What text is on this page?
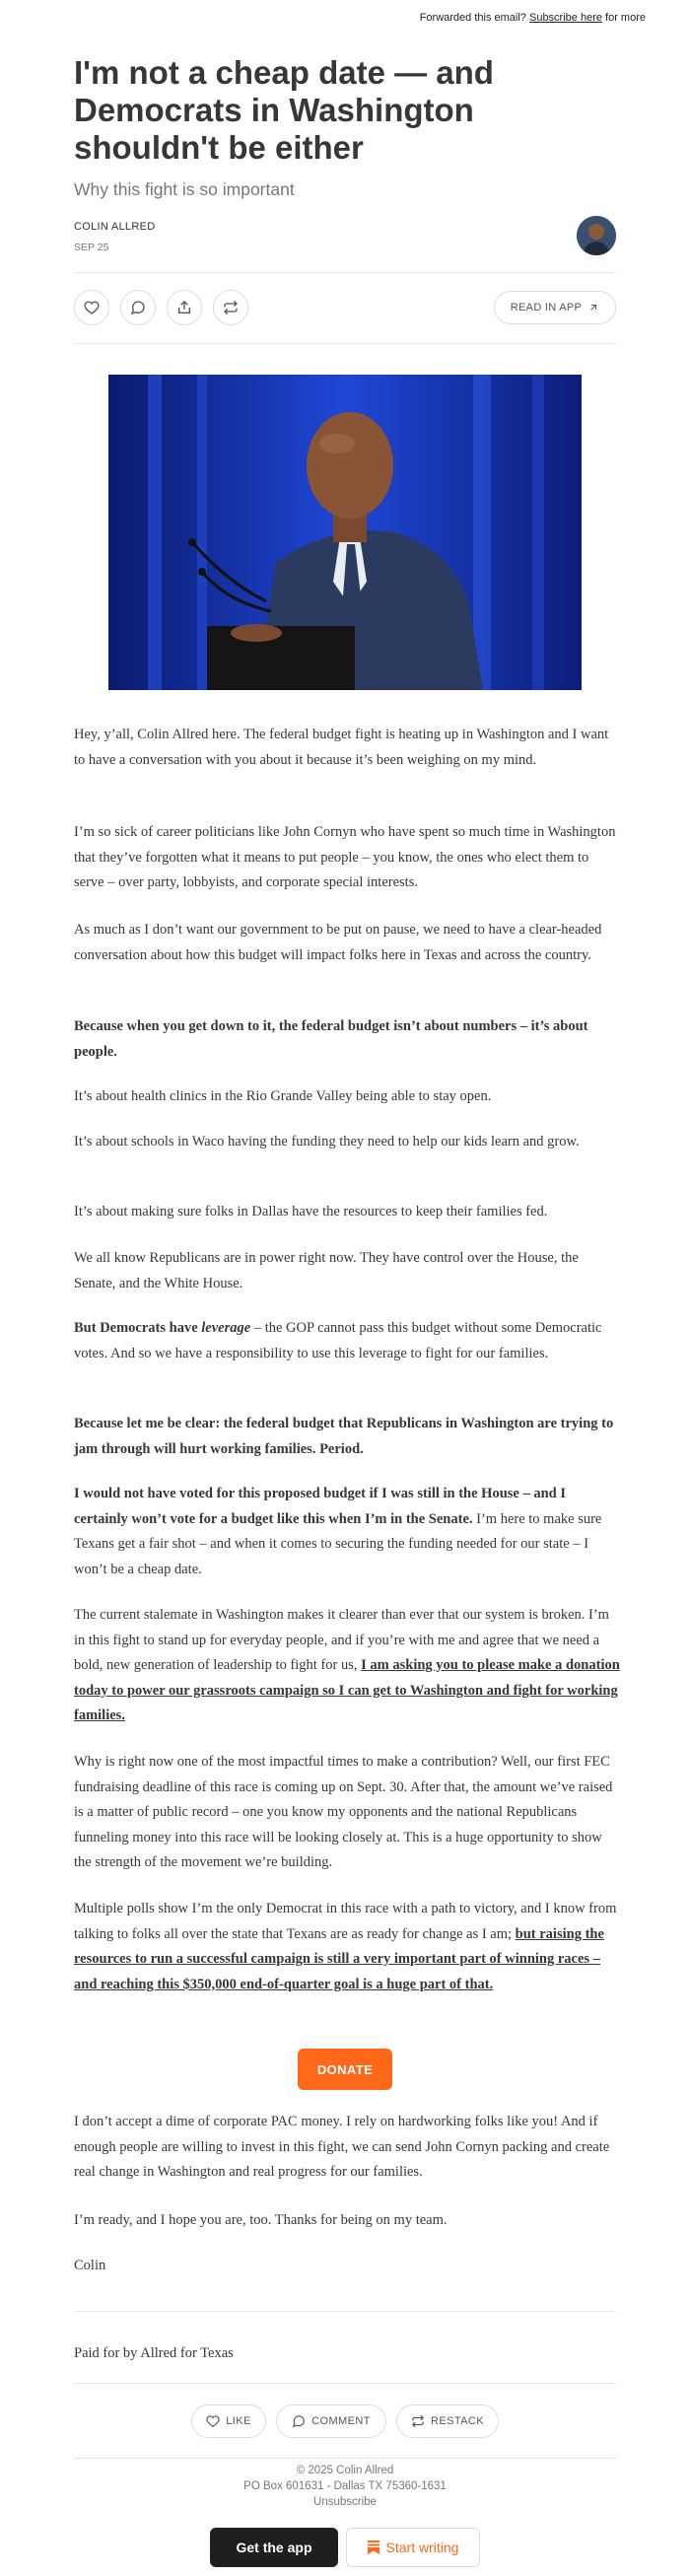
Forwarded this email? Subscribe here for more
I'm not a cheap date — and Democrats in Washington shouldn't be either
Why this fight is so important
COLIN ALLRED
SEP 25
READ IN APP

Hey, y’all, Colin Allred here. The federal budget fight is heating up in Washington and I want to have a conversation with you about it because it’s been weighing on my mind.

I’m so sick of career politicians like John Cornyn who have spent so much time in Washington that they’ve forgotten what it means to put people – you know, the ones who elect them to serve – over party, lobbyists, and corporate special interests.

As much as I don’t want our government to be put on pause, we need to have a clear-headed conversation about how this budget will impact folks here in Texas and across the country.

Because when you get down to it, the federal budget isn’t about numbers – it’s about people.

It’s about health clinics in the Rio Grande Valley being able to stay open.

It’s about schools in Waco having the funding they need to help our kids learn and grow.

It’s about making sure folks in Dallas have the resources to keep their families fed.

We all know Republicans are in power right now. They have control over the House, the Senate, and the White House.

But Democrats have leverage – the GOP cannot pass this budget without some Democratic votes. And so we have a responsibility to use this leverage to fight for our families.

Because let me be clear: the federal budget that Republicans in Washington are trying to jam through will hurt working families. Period.

I would not have voted for this proposed budget if I was still in the House – and I certainly won’t vote for a budget like this when I’m in the Senate. I’m here to make sure Texans get a fair shot – and when it comes to securing the funding needed for our state – I won’t be a cheap date.

The current stalemate in Washington makes it clearer than ever that our system is broken. I’m in this fight to stand up for everyday people, and if you’re with me and agree that we need a bold, new generation of leadership to fight for us, I am asking you to please make a donation today to power our grassroots campaign so I can get to Washington and fight for working families.

Why is right now one of the most impactful times to make a contribution? Well, our first FEC fundraising deadline of this race is coming up on Sept. 30. After that, the amount we’ve raised is a matter of public record – one you know my opponents and the national Republicans funneling money into this race will be looking closely at. This is a huge opportunity to show the strength of the movement we’re building.

Multiple polls show I’m the only Democrat in this race with a path to victory, and I know from talking to folks all over the state that Texans are as ready for change as I am; but raising the resources to run a successful campaign is still a very important part of winning races – and reaching this $350,000 end-of-quarter goal is a huge part of that.

DONATE

I don’t accept a dime of corporate PAC money. I rely on hardworking folks like you! And if enough people are willing to invest in this fight, we can send John Cornyn packing and create real change in Washington and real progress for our families.

I’m ready, and I hope you are, too. Thanks for being on my team.

Colin

Paid for by Allred for Texas

LIKE	COMMENT	RESTACK
© 2025 Colin Allred
PO Box 601631 - Dallas TX 75360-1631
Unsubscribe
Get the app	Start writing
